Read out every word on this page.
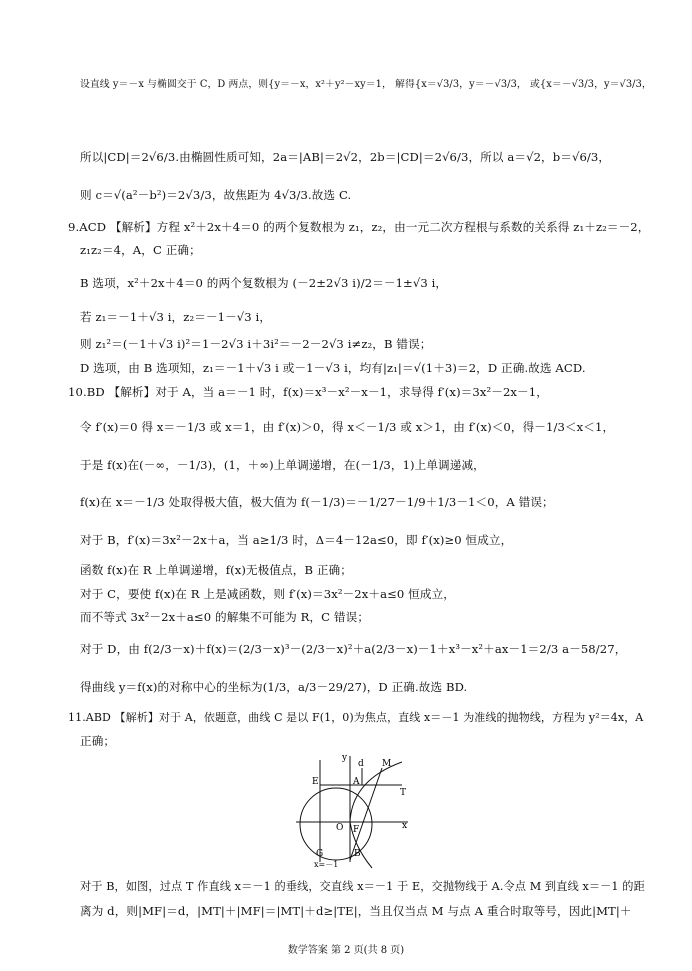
设直线 y＝－x 与椭圆交于 C，D 两点，则{y＝－x，x²＋y²－xy＝1， 解得{x＝√3/3，y＝－√3/3， 或{x＝－√3/3，y＝√3/3，
所以|CD|＝2√6/3.由椭圆性质可知，2a＝|AB|＝2√2，2b＝|CD|＝2√6/3，所以 a＝√2，b＝√6/3，
则 c＝√(a²－b²)＝2√3/3，故焦距为 4√3/3.故选 C.
9.ACD 【解析】方程 x²＋2x＋4＝0 的两个复数根为 z₁，z₂，由一元二次方程根与系数的关系得 z₁＋z₂＝－2，
z₁z₂＝4，A，C 正确；
B 选项，x²＋2x＋4＝0 的两个复数根为 (－2±2√3 i)/2＝－1±√3 i，
若 z₁＝－1＋√3 i，z₂＝－1－√3 i，
则 z₁²＝(－1＋√3 i)²＝1－2√3 i＋3i²＝－2－2√3 i≠z₂，B 错误；
D 选项，由 B 选项知，z₁＝－1＋√3 i 或－1－√3 i，均有|z₁|＝√(1＋3)＝2，D 正确.故选 ACD.
10.BD 【解析】对于 A，当 a＝－1 时，f(x)＝x³－x²－x－1，求导得 f′(x)＝3x²－2x－1，
令 f′(x)＝0 得 x＝－1/3 或 x＝1，由 f′(x)＞0，得 x＜－1/3 或 x＞1，由 f′(x)＜0，得－1/3＜x＜1，
于是 f(x)在(－∞，－1/3)，(1，＋∞)上单调递增，在(－1/3，1)上单调递减，
f(x)在 x＝－1/3 处取得极大值，极大值为 f(－1/3)＝－1/27－1/9＋1/3－1＜0，A 错误；
对于 B，f′(x)＝3x²－2x＋a，当 a≥1/3 时，Δ＝4－12a≤0，即 f′(x)≥0 恒成立，
函数 f(x)在 R 上单调递增，f(x)无极值点，B 正确；
对于 C，要使 f(x)在 R 上是减函数，则 f′(x)＝3x²－2x＋a≤0 恒成立，
而不等式 3x²－2x＋a≤0 的解集不可能为 R，C 错误；
对于 D，由 f(2/3－x)＋f(x)＝(2/3－x)³－(2/3－x)²＋a(2/3－x)－1＋x³－x²＋ax－1＝2/3 a－58/27，
得曲线 y＝f(x)的对称中心的坐标为(1/3，a/3－29/27)，D 正确.故选 BD.
11.ABD 【解析】对于 A，依题意，曲线 C 是以 F(1，0)为焦点，直线 x＝－1 为准线的抛物线，方程为 y²＝4x，A
正确；
y
d M
E	A
T
O F	x
G	B
x=－1
对于 B，如图，过点 T 作直线 x＝－1 的垂线，交直线 x＝－1 于 E，交抛物线于 A.令点 M 到直线 x＝－1 的距
离为 d，则|MF|＝d，|MT|＋|MF|＝|MT|＋d≥|TE|，当且仅当点 M 与点 A 重合时取等号，因此|MT|＋
数学答案 第 2 页(共 8 页)
